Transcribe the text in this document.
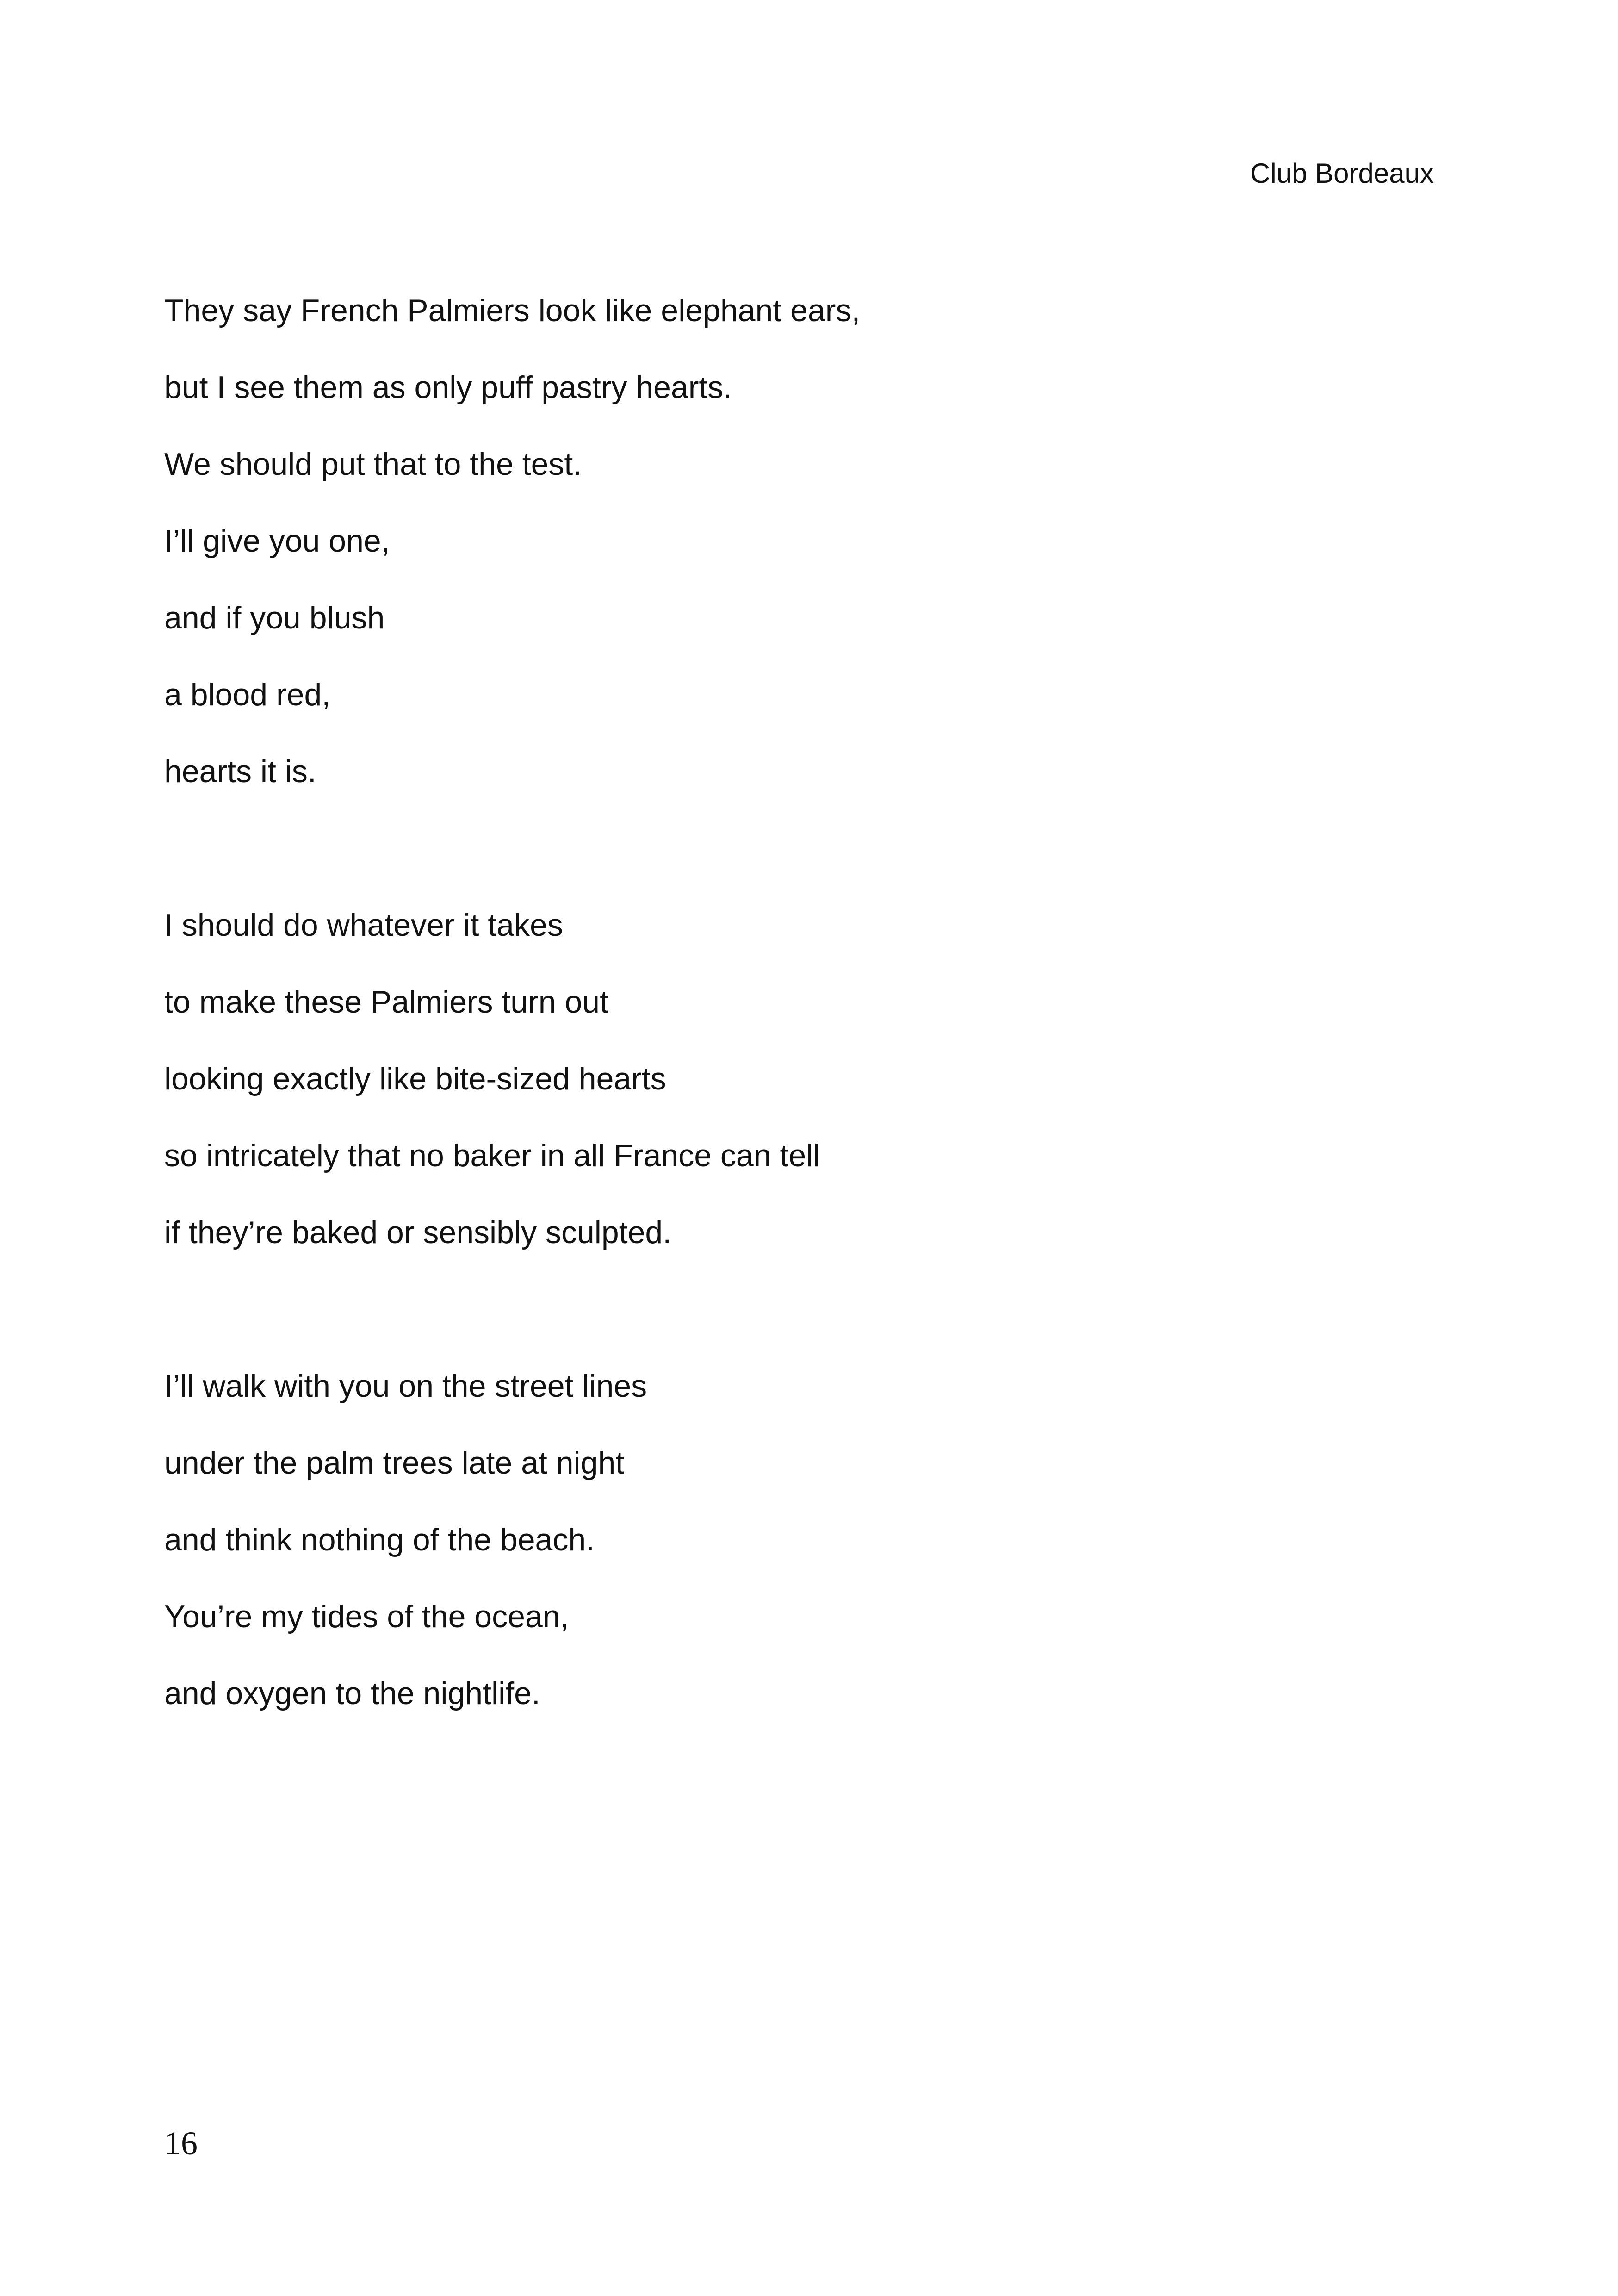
Club Bordeaux
They say French Palmiers look like elephant ears,
but I see them as only puff pastry hearts.
We should put that to the test.
I’ll give you one,
and if you blush
a blood red,
hearts it is.
I should do whatever it takes
to make these Palmiers turn out
looking exactly like bite-sized hearts
so intricately that no baker in all France can tell
if they’re baked or sensibly sculpted.
I’ll walk with you on the street lines
under the palm trees late at night
and think nothing of the beach.
You’re my tides of the ocean,
and oxygen to the nightlife.
16
